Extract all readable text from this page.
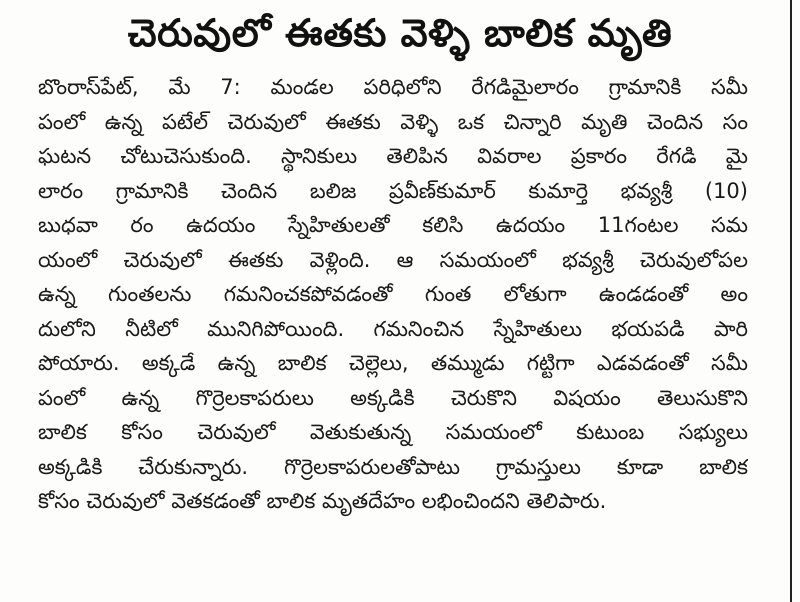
చెరువులో ఈతకు వెళ్ళి బాలిక మృతి
బొంరాస్‌పేట్, మే 7: మండల పరిధిలోని రేగడిమైలారం గ్రామానికి సమీ
పంలో ఉన్న పటేల్ చెరువులో ఈతకు వెళ్ళి ఒక చిన్నారి మృతి చెందిన సం
ఘటన చోటుచెసుకుంది. స్థానికులు తెలిపిన వివరాల ప్రకారం రేగడి మై
లారం గ్రామానికి చెందిన బలిజ ప్రవీణ్‌కుమార్ కుమార్తె భవ్యశ్రీ (10)
బుధవా రం ఉదయం స్నేహితులతో కలిసి ఉదయం 11గంటల సమ
యంలో చెరువులో ఈతకు వెళ్లింది. ఆ సమయంలో భవ్యశ్రీ చెరువులోపల
ఉన్న గుంతలను గమనించకపోవడంతో గుంత లోతుగా ఉండడంతో అం
దులోని నీటిలో మునిగిపోయింది. గమనించిన స్నేహితులు భయపడి పారి
పోయారు. అక్కడే ఉన్న బాలిక చెల్లెలు, తమ్ముడు గట్టిగా ఎడవడంతో సమీ
పంలో ఉన్న గొర్రెలకాపరులు అక్కడికి చెరుకొని విషయం తెలుసుకొని
బాలిక కోసం చెరువులో వెతుకుతున్న సమయంలో కుటుంబ సభ్యులు
అక్కడికి చేరుకున్నారు. గొర్రెలకాపరులతోపాటు గ్రామస్తులు కూడా బాలిక
కోసం చెరువులో వెతకడంతో బాలిక మృతదేహం లభించిందని తెలిపారు.
